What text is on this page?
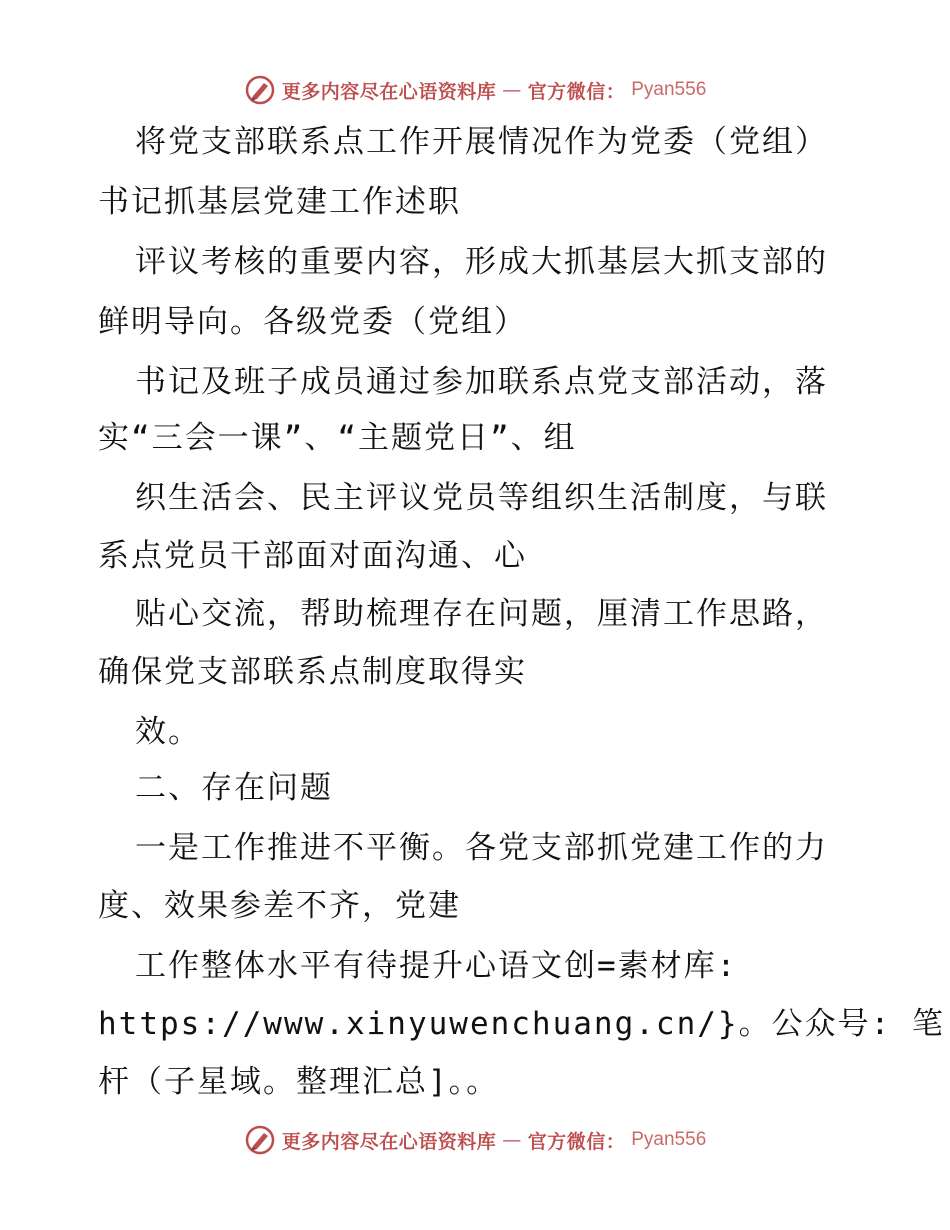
更多内容尽在心语资料库 — 官方微信： Pyan556
将党支部联系点工作开展情况作为党委（党组）
书记抓基层党建工作述职
评议考核的重要内容，形成大抓基层大抓支部的
鲜明导向。各级党委（党组）
书记及班子成员通过参加联系点党支部活动，落
实“三会一课”、“主题党日”、组
织生活会、民主评议党员等组织生活制度，与联
系点党员干部面对面沟通、心
贴心交流，帮助梳理存在问题，厘清工作思路，
确保党支部联系点制度取得实
效。
二、存在问题
一是工作推进不平衡。各党支部抓党建工作的力
度、效果参差不齐，党建
工作整体水平有待提升心语文创=素材库:
https://www.xinyuwenchuang.cn/}。公众号: 笔
杆（子星域。整理汇总]。。
更多内容尽在心语资料库 — 官方微信： Pyan556
